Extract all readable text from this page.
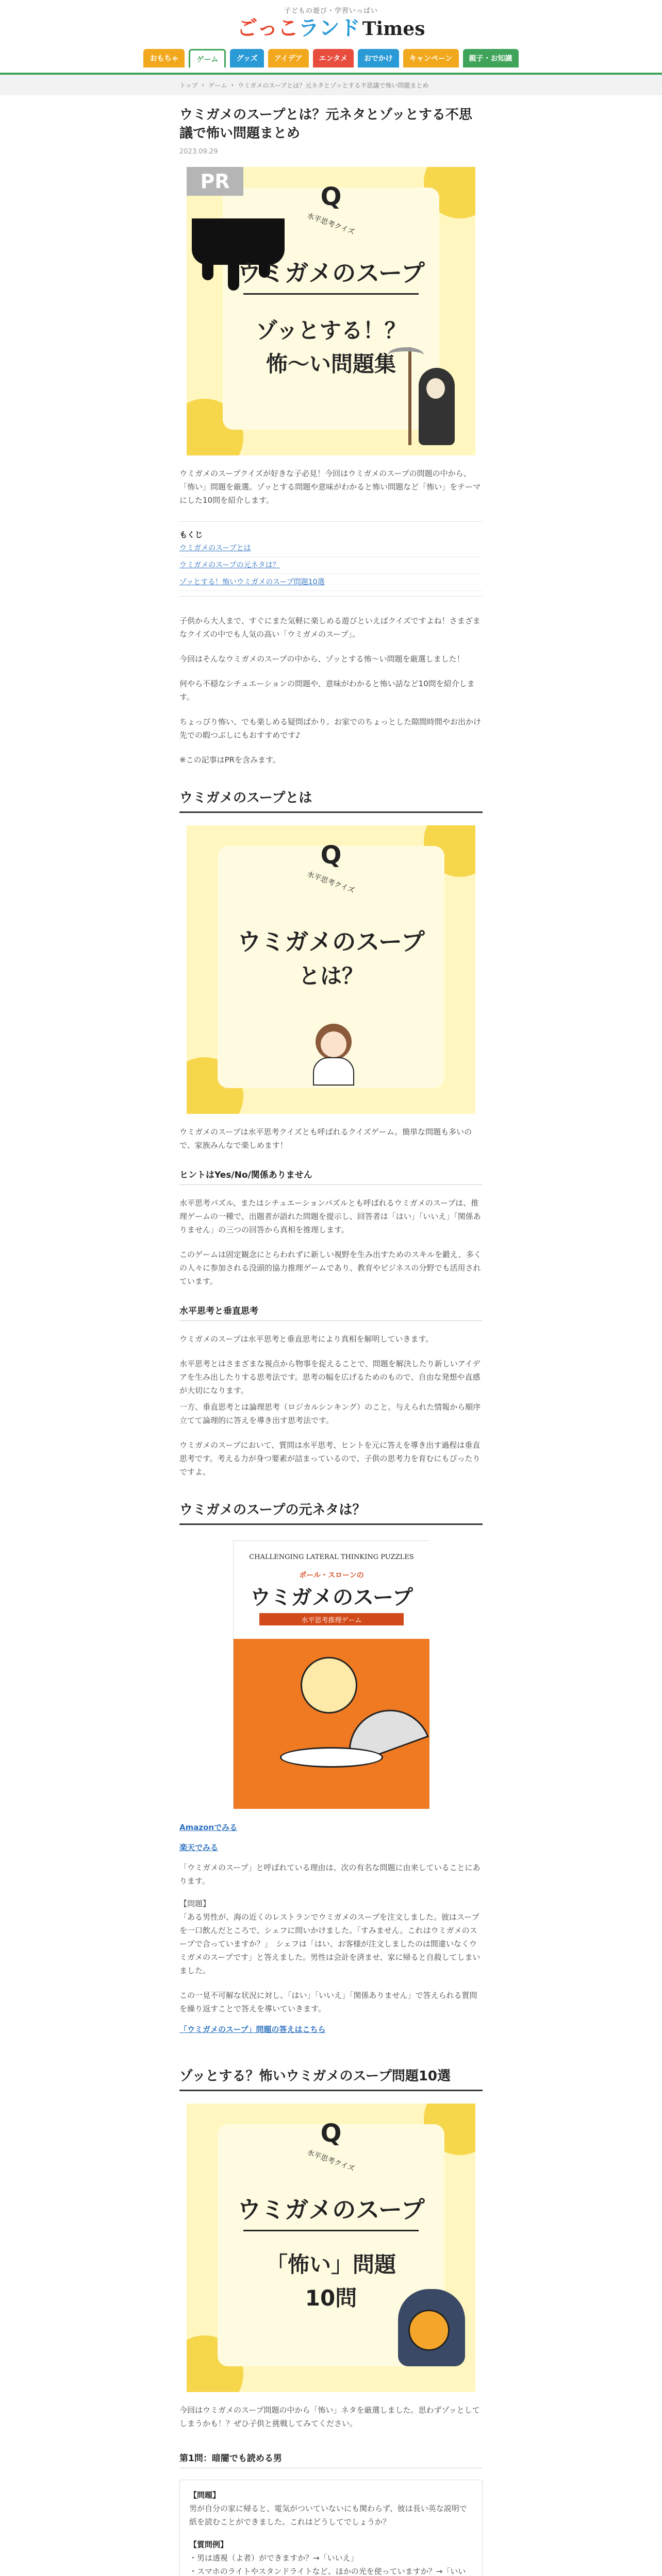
子どもの遊び・学習いっぱい
ごっこランド Times
おもちゃ	ゲーム	グッズ	アイデア	エンタメ	おでかけ	キャンペーン	親子・お知識
トップ › ゲーム › ウミガメのスープとは？元ネタとゾッとする不思議で怖い問題まとめ
ウミガメのスープとは？元ネタとゾッとする不思議で怖い問題まとめ
2023.09.29
PR
Q
水平思考クイズ
ウミガメのスープ
ゾッとする！？
怖〜い問題集

ウミガメのスープクイズが好きな子必見！今回はウミガメのスープの問題の中から、「怖い」問題を厳選。ゾッとする問題や意味がわかると怖い問題など「怖い」をテーマにした10問を紹介します。

もくじ
ウミガメのスープとは
ウミガメのスープの元ネタは？
ゾッとする！怖いウミガメのスープ問題10選

子供から大人まで、すぐにまた気軽に楽しめる遊びといえばクイズですよね！さまざまなクイズの中でも人気の高い「ウミガメのスープ」。

今回はそんなウミガメのスープの中から、ゾッとする怖〜い問題を厳選しました！

何やら不穏なシチュエーションの問題や、意味がわかると怖い話など10問を紹介します。

ちょっぴり怖い、でも楽しめる疑問ばかり。お家でのちょっとした隙間時間やお出かけ先での暇つぶしにもおすすめです♪

※この記事はPRを含みます。

ウミガメのスープとは
Q
水平思考クイズ
ウミガメのスープ
とは？

ウミガメのスープは水平思考クイズとも呼ばれるクイズゲーム。簡単な問題も多いので、家族みんなで楽しめます！

ヒントはYes/No/関係ありません

水平思考パズル、またはシチュエーションパズルとも呼ばれるウミガメのスープは、推理ゲームの一種で、出題者が語れた問題を提示し、回答者は「はい」「いいえ」「関係ありません」の三つの回答から真相を推理します。

このゲームは固定観念にとらわれずに新しい視野を生み出すためのスキルを鍛え、多くの人々に参加される没頭的協力推理ゲームであり、教育やビジネスの分野でも活用されています。

水平思考と垂直思考

ウミガメのスープは水平思考と垂直思考により真相を解明していきます。

水平思考とはさまざまな視点から物事を捉えることで、問題を解決したり新しいアイデアを生み出したりする思考法です。思考の幅を広げるためのもので、自由な発想や直感が大切になります。

一方、垂直思考とは論理思考（ロジカルシンキング）のこと。与えられた情報から順序立てて論理的に答えを導き出す思考法です。

ウミガメのスープにおいて、質問は水平思考、ヒントを元に答えを導き出す過程は垂直思考です。考える力が身つ要素が詰まっているので、子供の思考力を育むにもぴったりですよ。

ウミガメのスープの元ネタは？
CHALLENGING LATERAL THINKING PUZZLES
ポール・スローンの
ウミガメのスープ
水平思考推理ゲーム
Amazonでみる
楽天でみる

「ウミガメのスープ」と呼ばれている理由は、次の有名な問題に由来していることにあります。

【問題】

「ある男性が、海の近くのレストランでウミガメのスープを注文しました。彼はスープを一口飲んだところで、シェフに問いかけました。「すみません。これはウミガメのスープで合っていますか？」　シェフは「はい、お客様が注文しましたのは間違いなくウミガメのスープです」と答えました。男性は会計を済ませ、家に帰ると自殺してしまいました。

この一見不可解な状況に対し、「はい」「いいえ」「関係ありません」で答えられる質問を繰り返すことで答えを導いていきます。

「ウミガメのスープ」問題の答えはこちら
ゾッとする？怖いウミガメのスープ問題10選
Q
水平思考クイズ
ウミガメのスープ
「怖い」問題
10問

今回はウミガメのスープ問題の中から「怖い」ネタを厳選しました。思わずゾッとしてしまうかも！？ぜひ子供と挑戦してみてください。

第1問：暗闇でも読める男
【問題】
男が自分の家に帰ると、電気がついていないにも関わらず、彼は長い英な説明で紙を読むことができました。これはどうしてでしょうか？
【質問例】
・男は透視（よ者）ができますか？→「いいえ」
・スマホのライトやスタンドライトなど、ほかの光を使っていますか？→「いい
